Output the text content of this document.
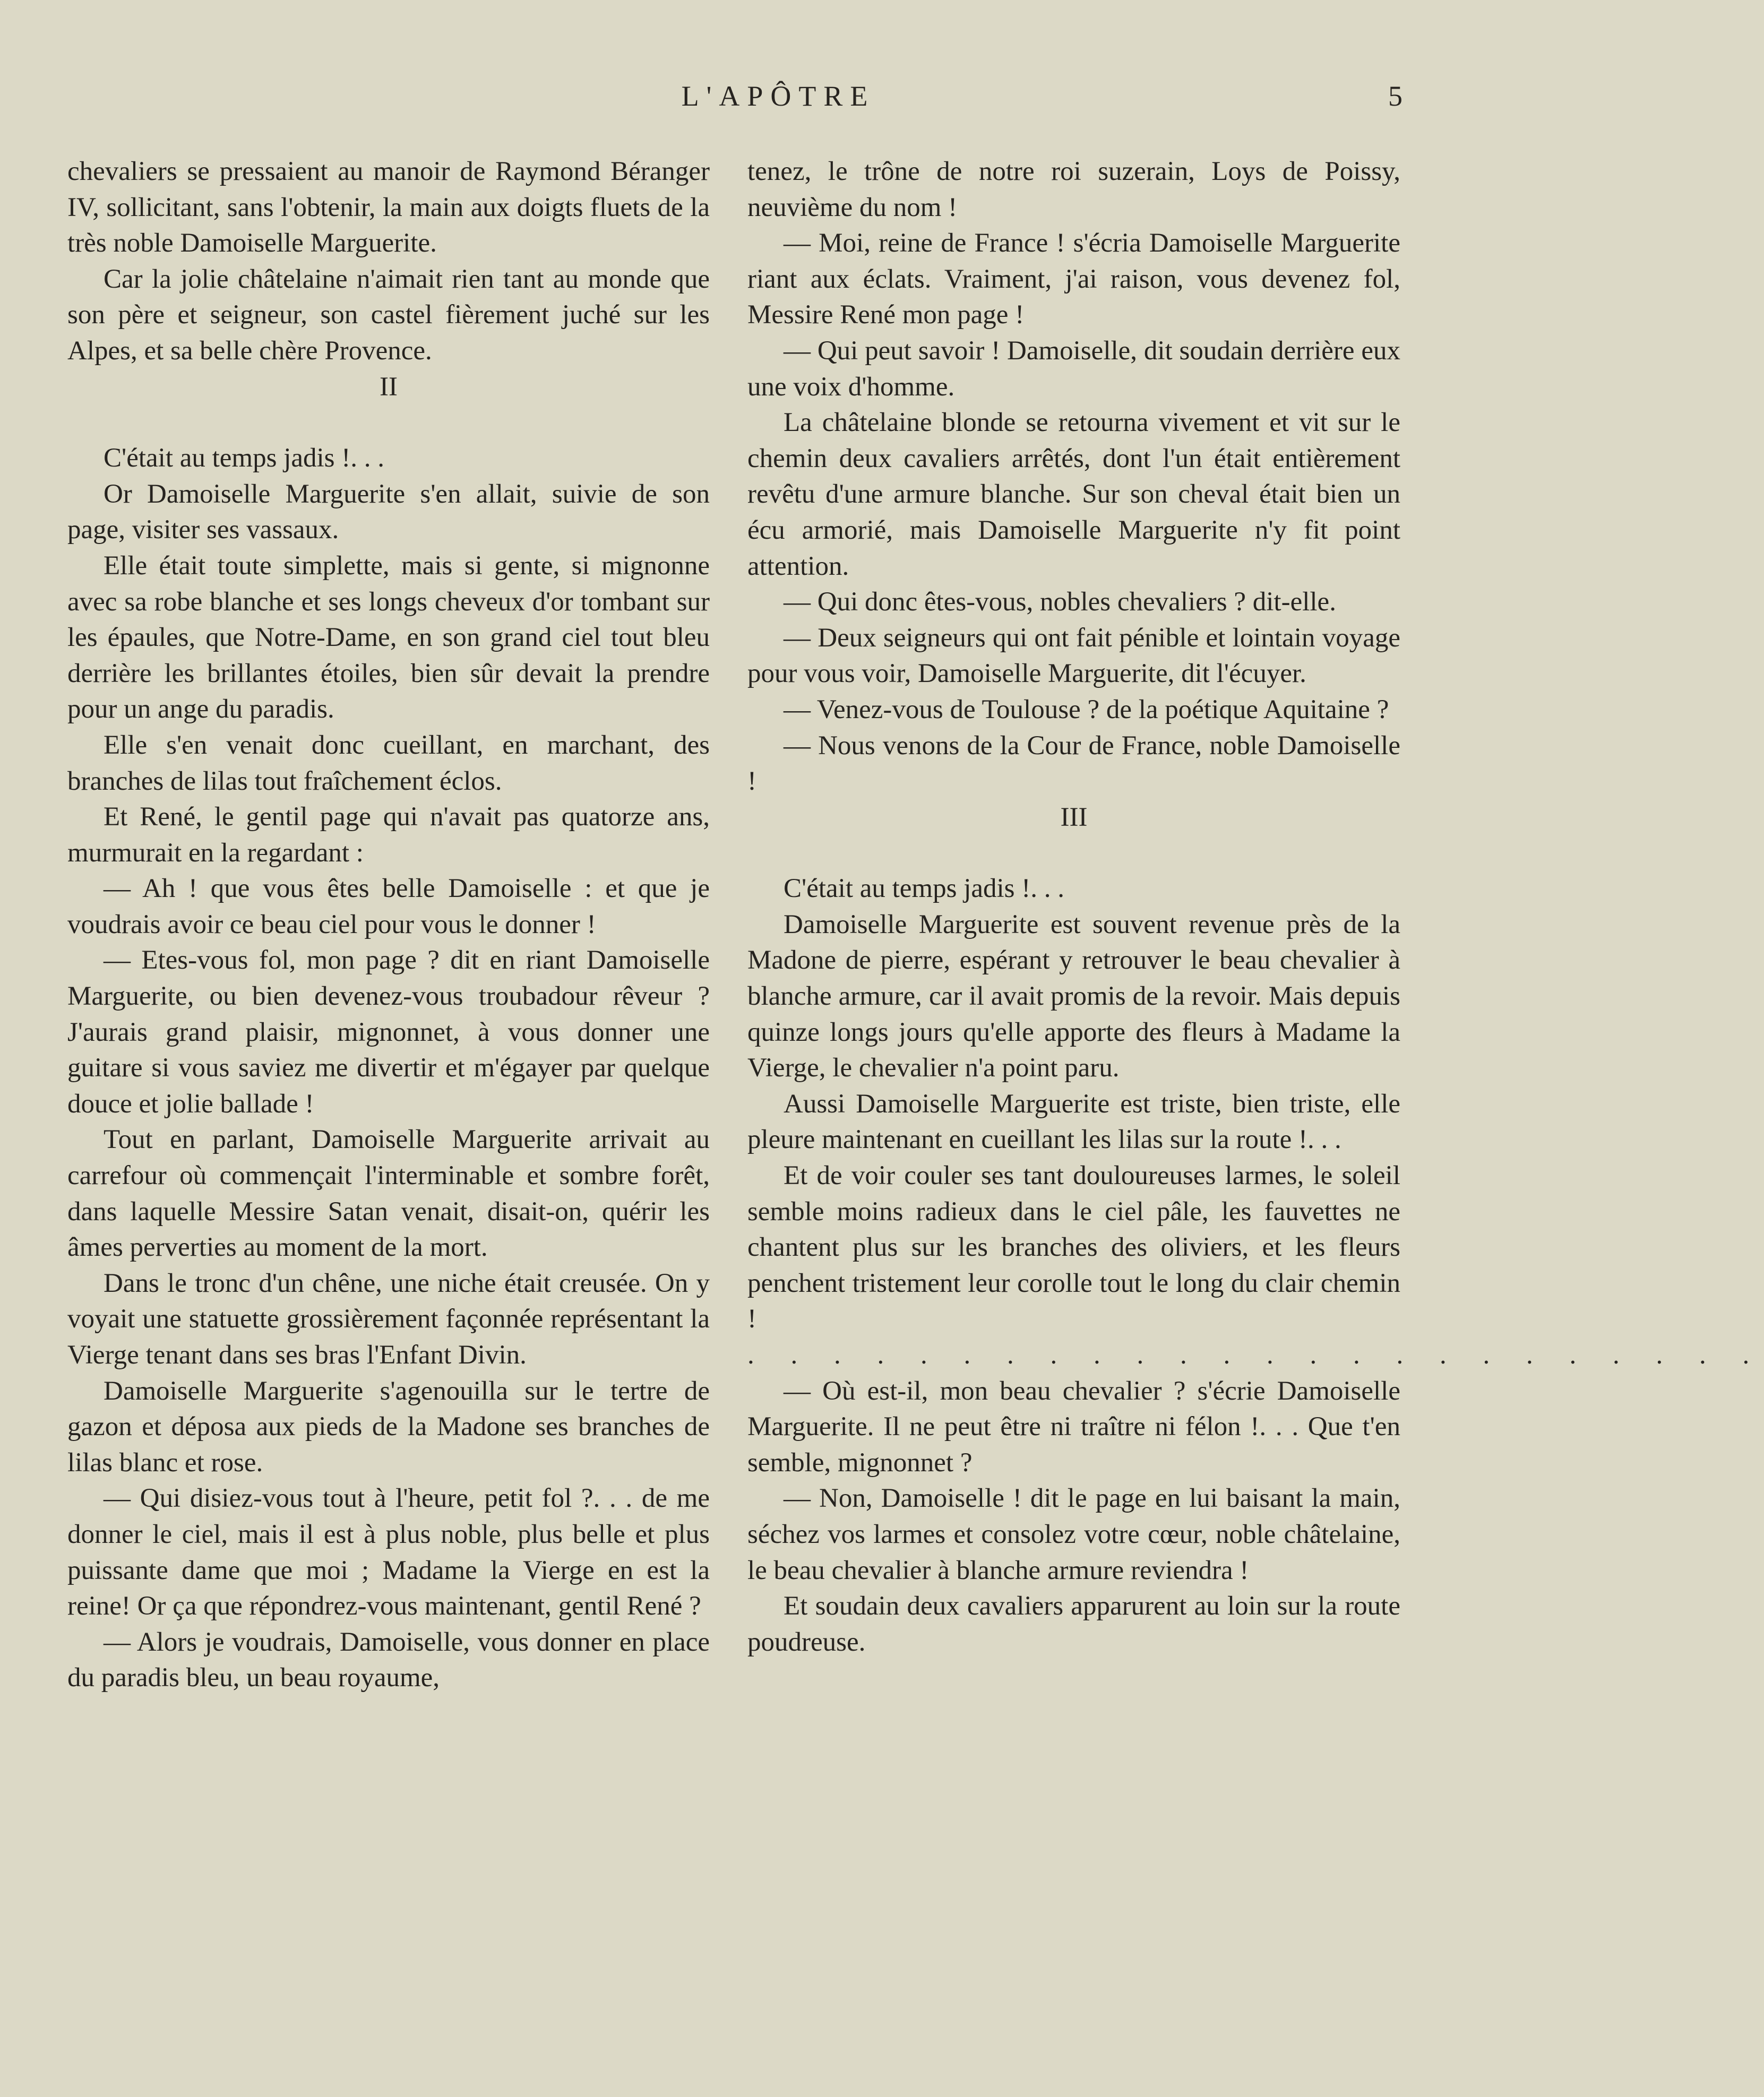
L'APÔTRE	5

chevaliers se pressaient au manoir de Raymond Béranger IV, sollicitant, sans l'obtenir, la main aux doigts fluets de la très noble Damoiselle Marguerite.

Car la jolie châtelaine n'aimait rien tant au monde que son père et seigneur, son castel fièrement juché sur les Alpes, et sa belle chère Provence.

II

C'était au temps jadis !. . .

Or Damoiselle Marguerite s'en allait, suivie de son page, visiter ses vassaux.

Elle était toute simplette, mais si gente, si mignonne avec sa robe blanche et ses longs cheveux d'or tombant sur les épaules, que Notre-Dame, en son grand ciel tout bleu derrière les brillantes étoiles, bien sûr devait la prendre pour un ange du paradis.

Elle s'en venait donc cueillant, en marchant, des branches de lilas tout fraîchement éclos.

Et René, le gentil page qui n'avait pas quatorze ans, murmurait en la regardant :

— Ah ! que vous êtes belle Damoiselle : et que je voudrais avoir ce beau ciel pour vous le donner !

— Etes-vous fol, mon page ? dit en riant Damoiselle Marguerite, ou bien devenez-vous troubadour rêveur ? J'aurais grand plaisir, mignonnet, à vous donner une guitare si vous saviez me divertir et m'égayer par quelque douce et jolie ballade !

Tout en parlant, Damoiselle Marguerite arrivait au carrefour où commençait l'interminable et sombre forêt, dans laquelle Messire Satan venait, disait-on, quérir les âmes perverties au moment de la mort.

Dans le tronc d'un chêne, une niche était creusée. On y voyait une statuette grossièrement façonnée représentant la Vierge tenant dans ses bras l'Enfant Divin.

Damoiselle Marguerite s'agenouilla sur le tertre de gazon et déposa aux pieds de la Madone ses branches de lilas blanc et rose.

— Qui disiez-vous tout à l'heure, petit fol ?. . . de me donner le ciel, mais il est à plus noble, plus belle et plus puissante dame que moi ; Madame la Vierge en est la reine! Or ça que répondrez-vous maintenant, gentil René ?

— Alors je voudrais, Damoiselle, vous donner en place du paradis bleu, un beau royaume,

tenez, le trône de notre roi suzerain, Loys de Poissy, neuvième du nom !

— Moi, reine de France ! s'écria Damoiselle Marguerite riant aux éclats. Vraiment, j'ai raison, vous devenez fol, Messire René mon page !

— Qui peut savoir ! Damoiselle, dit soudain derrière eux une voix d'homme.

La châtelaine blonde se retourna vivement et vit sur le chemin deux cavaliers arrêtés, dont l'un était entièrement revêtu d'une armure blanche. Sur son cheval était bien un écu armorié, mais Damoiselle Marguerite n'y fit point attention.

— Qui donc êtes-vous, nobles chevaliers ? dit-elle.

— Deux seigneurs qui ont fait pénible et lointain voyage pour vous voir, Damoiselle Marguerite, dit l'écuyer.

— Venez-vous de Toulouse ? de la poétique Aquitaine ?

— Nous venons de la Cour de France, noble Damoiselle !

III

C'était au temps jadis !. . .

Damoiselle Marguerite est souvent revenue près de la Madone de pierre, espérant y retrouver le beau chevalier à blanche armure, car il avait promis de la revoir. Mais depuis quinze longs jours qu'elle apporte des fleurs à Madame la Vierge, le chevalier n'a point paru.

Aussi Damoiselle Marguerite est triste, bien triste, elle pleure maintenant en cueillant les lilas sur la route !. . .

Et de voir couler ses tant douloureuses larmes, le soleil semble moins radieux dans le ciel pâle, les fauvettes ne chantent plus sur les branches des oliviers, et les fleurs penchent tristement leur corolle tout le long du clair chemin !

. . . . . . . . . . . . . . . . . . . . . . . .

— Où est-il, mon beau chevalier ? s'écrie Damoiselle Marguerite. Il ne peut être ni traître ni félon !. . . Que t'en semble, mignonnet ?

— Non, Damoiselle ! dit le page en lui baisant la main, séchez vos larmes et consolez votre cœur, noble châtelaine, le beau chevalier à blanche armure reviendra !

Et soudain deux cavaliers apparurent au loin sur la route poudreuse.
